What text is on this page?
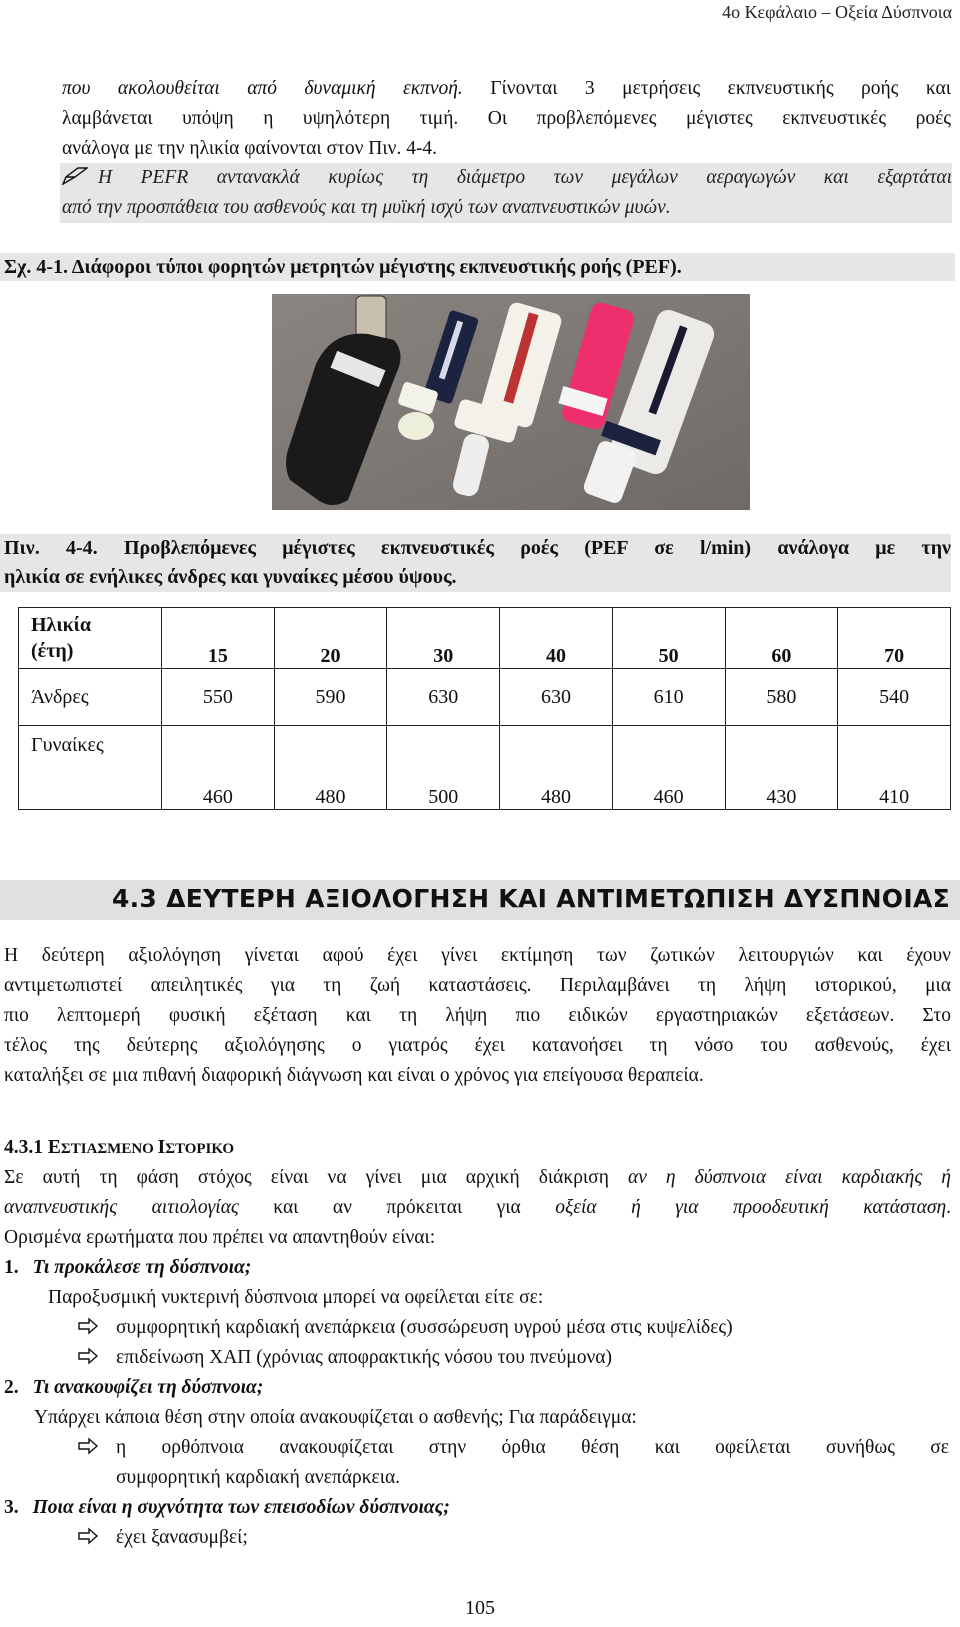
4ο Κεφάλαιο – Οξεία Δύσπνοια
που ακολουθείται από δυναμική εκπνοή. Γίνονται 3 μετρήσεις εκπνευστικής ροής και
λαμβάνεται υπόψη η υψηλότερη τιμή. Οι προβλεπόμενες μέγιστες εκπνευστικές ροές
ανάλογα με την ηλικία φαίνονται στον Πιν. 4-4.
Η PEFR αντανακλά κυρίως τη διάμετρο των μεγάλων αεραγωγών και εξαρτάται
από την προσπάθεια του ασθενούς και τη μυϊκή ισχύ των αναπνευστικών μυών.
Σχ. 4-1. Διάφοροι τύποι φορητών μετρητών μέγιστης εκπνευστικής ροής (PEF).
Πιν. 4-4. Προβλεπόμενες μέγιστες εκπνευστικές ροές (PEF σε l/min) ανάλογα με την
ηλικία σε ενήλικες άνδρες και γυναίκες μέσου ύψους.
Ηλικία
(έτη)	15	20	30	40	50	60	70
Άνδρες	550	590	630	630	610	580	540
Γυναίκες	460	480	500	480	460	430	410
4.3 ΔΕΥΤΕΡΗ ΑΞΙΟΛΟΓΗΣΗ ΚΑΙ ΑΝΤΙΜΕΤΩΠΙΣΗ ΔΥΣΠΝΟΙΑΣ
Η δεύτερη αξιολόγηση γίνεται αφού έχει γίνει εκτίμηση των ζωτικών λειτουργιών και έχουν
αντιμετωπιστεί απειλητικές για τη ζωή καταστάσεις. Περιλαμβάνει τη λήψη ιστορικού, μια
πιο λεπτομερή φυσική εξέταση και τη λήψη πιο ειδικών εργαστηριακών εξετάσεων. Στο
τέλος της δεύτερης αξιολόγησης ο γιατρός έχει κατανοήσει τη νόσο του ασθενούς, έχει
καταλήξει σε μια πιθανή διαφορική διάγνωση και είναι ο χρόνος για επείγουσα θεραπεία.
4.3.1 ΕΣΤΙΑΣΜΕΝΟ ΙΣΤΟΡΙΚΟ
Σε αυτή τη φάση στόχος είναι να γίνει μια αρχική διάκριση αν η δύσπνοια είναι καρδιακής ή
αναπνευστικής αιτιολογίας και αν πρόκειται για οξεία ή για προοδευτική κατάσταση.
Ορισμένα ερωτήματα που πρέπει να απαντηθούν είναι:
1. Τι προκάλεσε τη δύσπνοια;
Παροξυσμική νυκτερινή δύσπνοια μπορεί να οφείλεται είτε σε:
συμφορητική καρδιακή ανεπάρκεια (συσσώρευση υγρού μέσα στις κυψελίδες)
επιδείνωση ΧΑΠ (χρόνιας αποφρακτικής νόσου του πνεύμονα)
2. Τι ανακουφίζει τη δύσπνοια;
Υπάρχει κάποια θέση στην οποία ανακουφίζεται ο ασθενής; Για παράδειγμα:
η ορθόπνοια ανακουφίζεται στην όρθια θέση και οφείλεται συνήθως σε
συμφορητική καρδιακή ανεπάρκεια.
3. Ποια είναι η συχνότητα των επεισοδίων δύσπνοιας;
έχει ξανασυμβεί;
105
